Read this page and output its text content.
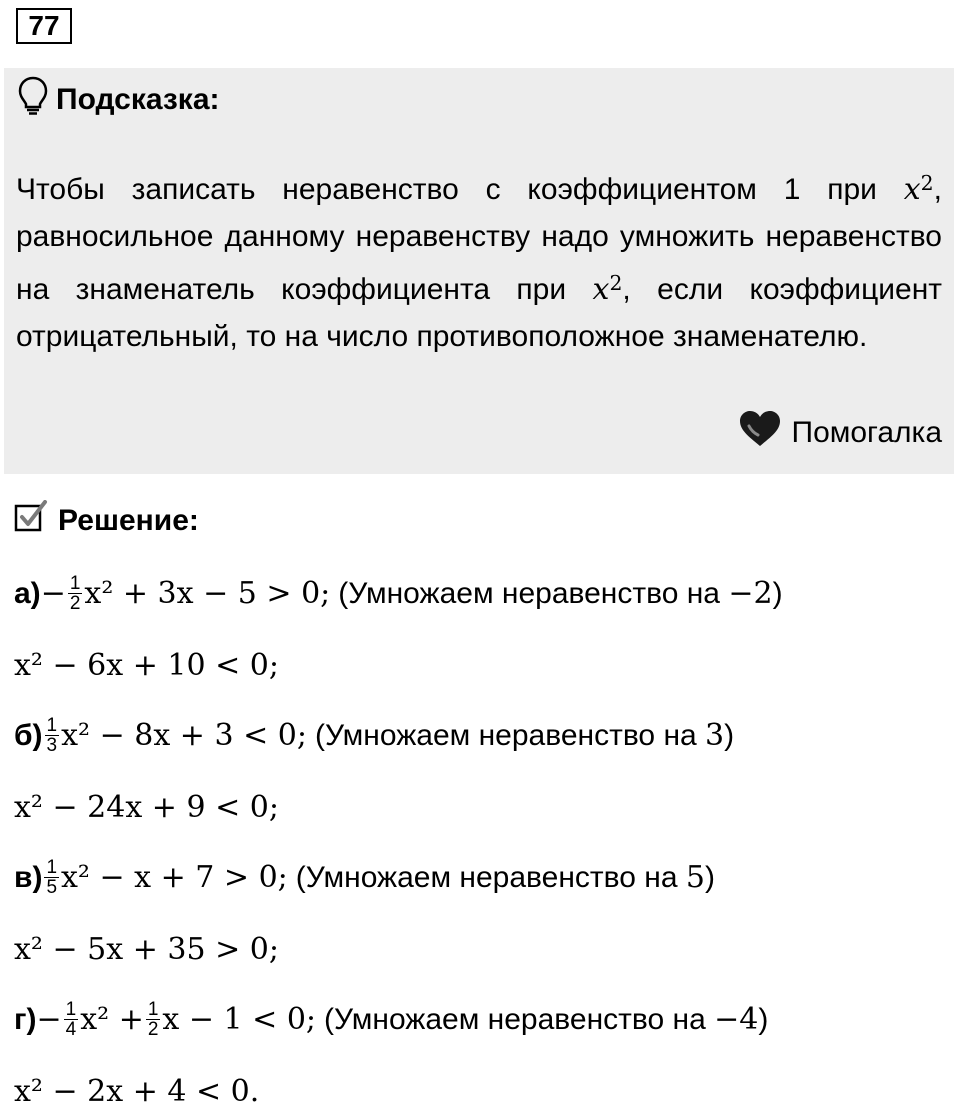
77
Подсказка:
Чтобы записать неравенство с коэффициентом 1 при $x^2$, равносильное данному неравенству надо умножить неравенство на знаменатель коэффициента при $x^2$, если коэффициент отрицательный, то на число противоположное знаменателю.
Помогалка
Решение:
$а) - \frac{1}{2} x^2 + 3x - 5 > 0$; (Умножаем неравенство на −2)
x² − 6x + 10 < 0;
$б) \frac{1}{3} x^2 - 8x + 3 < 0$; (Умножаем неравенство на 3)
x² − 24x + 9 < 0;
$в) \frac{1}{5} x^2 - x + 7 > 0$; (Умножаем неравенство на 5)
x² − 5x + 35 > 0;
$г) - \frac{1}{4} x^2 + \frac{1}{2}$ x − 1 < 0; (Умножаем неравенство на −4)
x² − 2x + 4 < 0.
